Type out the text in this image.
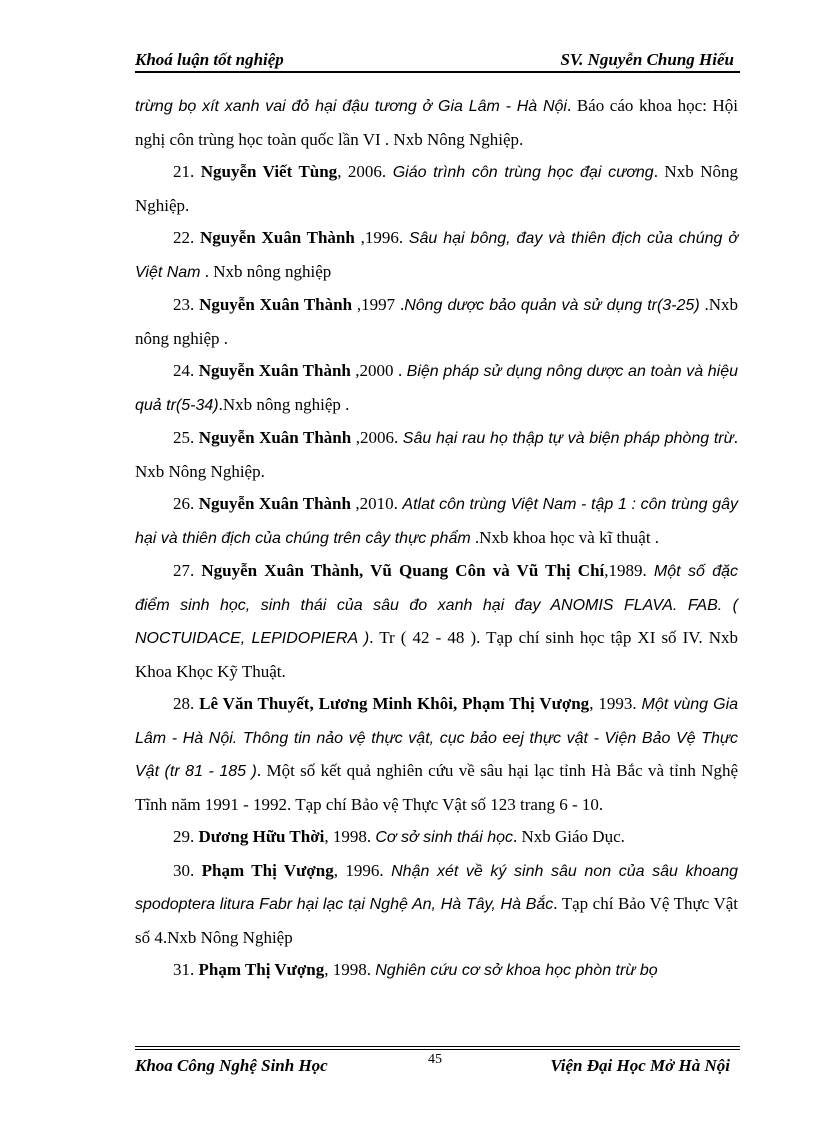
Khoá luận tốt nghiệp	SV. Nguyễn Chung Hiếu

trừng bọ xít xanh vai đỏ hại đậu tương ở Gia Lâm - Hà Nội. Báo cáo khoa học: Hội nghị côn trùng học toàn quốc lần VI . Nxb Nông Nghiệp.

21. Nguyễn Viết Tùng, 2006. Giáo trình côn trùng học đại cương. Nxb Nông Nghiệp.

22. Nguyễn Xuân Thành ,1996. Sâu hại bông, đay và thiên địch của chúng ở Việt Nam . Nxb nông nghiệp

23. Nguyễn Xuân Thành ,1997 .Nông dược bảo quản và sử dụng tr(3-25) .Nxb nông nghiệp .

24. Nguyễn Xuân Thành ,2000 . Biện pháp sử dụng nông dược an toàn và hiệu quả tr(5-34).Nxb nông nghiệp .

25. Nguyễn Xuân Thành ,2006. Sâu hại rau họ thập tự và biện pháp phòng trừ. Nxb Nông Nghiệp.

26. Nguyễn Xuân Thành ,2010. Atlat côn trùng Việt Nam - tập 1 : côn trùng gây hại và thiên địch của chúng trên cây thực phẩm .Nxb khoa học và kĩ thuật .

27. Nguyễn Xuân Thành, Vũ Quang Côn và Vũ Thị Chí,1989. Một số đặc điểm sinh học, sinh thái của sâu đo xanh hại đay ANOMIS FLAVA. FAB. ( NOCTUIDACE, LEPIDOPIERA ). Tr ( 42 - 48 ). Tạp chí sinh học tập XI số IV. Nxb Khoa Khọc Kỹ Thuật.

28. Lê Văn Thuyết, Lương Minh Khôi, Phạm Thị Vượng, 1993. Một vùng Gia Lâm - Hà Nội. Thông tin nảo vệ thực vật, cục bảo eej thực vật - Viện Bảo Vệ Thực Vật (tr 81 - 185 ). Một số kết quả nghiên cứu về sâu hại lạc tỉnh Hà Bắc và tỉnh Nghệ Tĩnh năm 1991 - 1992. Tạp chí Bảo vệ Thực Vật số 123 trang 6 - 10.

29. Dương Hữu Thời, 1998. Cơ sở sinh thái học. Nxb Giáo Dục.

30. Phạm Thị Vượng, 1996. Nhận xét về ký sinh sâu non của sâu khoang spodoptera litura Fabr hại lạc tại Nghệ An, Hà Tây, Hà Bắc. Tạp chí Bảo Vệ Thực Vật số 4.Nxb Nông Nghiệp

31. Phạm Thị Vượng, 1998. Nghiên cứu cơ sở khoa học phòn trừ bọ

Khoa Công Nghệ Sinh Học	45	Viện Đại Học Mở Hà Nội
